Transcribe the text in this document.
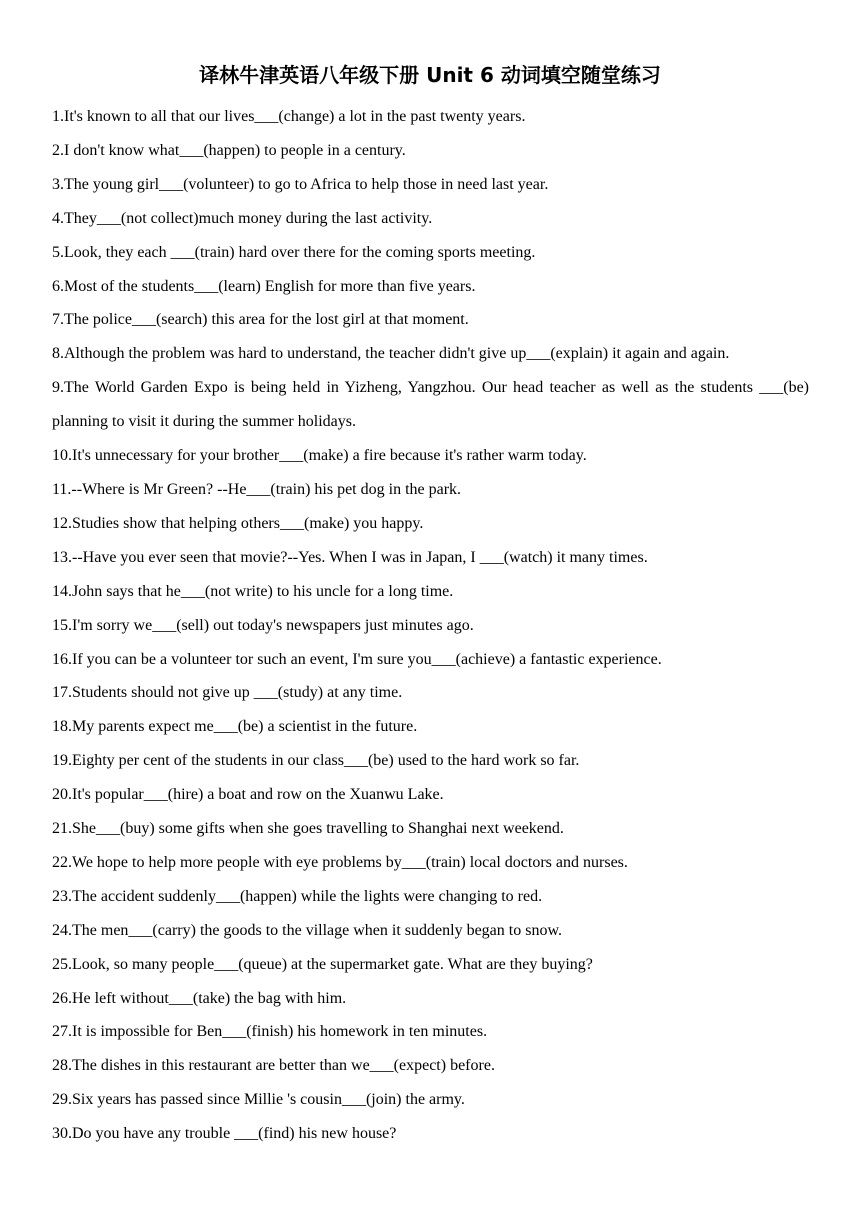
译林牛津英语八年级下册 Unit 6 动词填空随堂练习
1.It's known to all that our lives___(change) a lot in the past twenty years.
2.I don't know what___(happen) to people in a century.
3.The young girl___(volunteer) to go to Africa to help those in need last year.
4.They___(not collect)much money during the last activity.
5.Look, they each ___(train) hard over there for the coming sports meeting.
6.Most of the students___(learn) English for more than five years.
7.The police___(search) this area for the lost girl at that moment.
8.Although the problem was hard to understand, the teacher didn't give up___(explain) it again and again.
9.The World Garden Expo is being held in Yizheng, Yangzhou. Our head teacher as well as the students ___(be) planning to visit it during the summer holidays.
10.It's unnecessary for your brother___(make) a fire because it's rather warm today.
11.--Where is Mr Green? --He___(train) his pet dog in the park.
12.Studies show that helping others___(make) you happy.
13.--Have you ever seen that movie?--Yes. When I was in Japan, I ___(watch) it many times.
14.John says that he___(not write) to his uncle for a long time.
15.I'm sorry we___(sell) out today's newspapers just minutes ago.
16.If you can be a volunteer tor such an event, I'm sure you___(achieve) a fantastic experience.
17.Students should not give up ___(study) at any time.
18.My parents expect me___(be) a scientist in the future.
19.Eighty per cent of the students in our class___(be) used to the hard work so far.
20.It's popular___(hire) a boat and row on the Xuanwu Lake.
21.She___(buy) some gifts when she goes travelling to Shanghai next weekend.
22.We hope to help more people with eye problems by___(train) local doctors and nurses.
23.The accident suddenly___(happen) while the lights were changing to red.
24.The men___(carry) the goods to the village when it suddenly began to snow.
25.Look, so many people___(queue) at the supermarket gate. What are they buying?
26.He left without___(take) the bag with him.
27.It is impossible for Ben___(finish) his homework in ten minutes.
28.The dishes in this restaurant are better than we___(expect) before.
29.Six years has passed since Millie 's cousin___(join) the army.
30.Do you have any trouble ___(find) his new house?
